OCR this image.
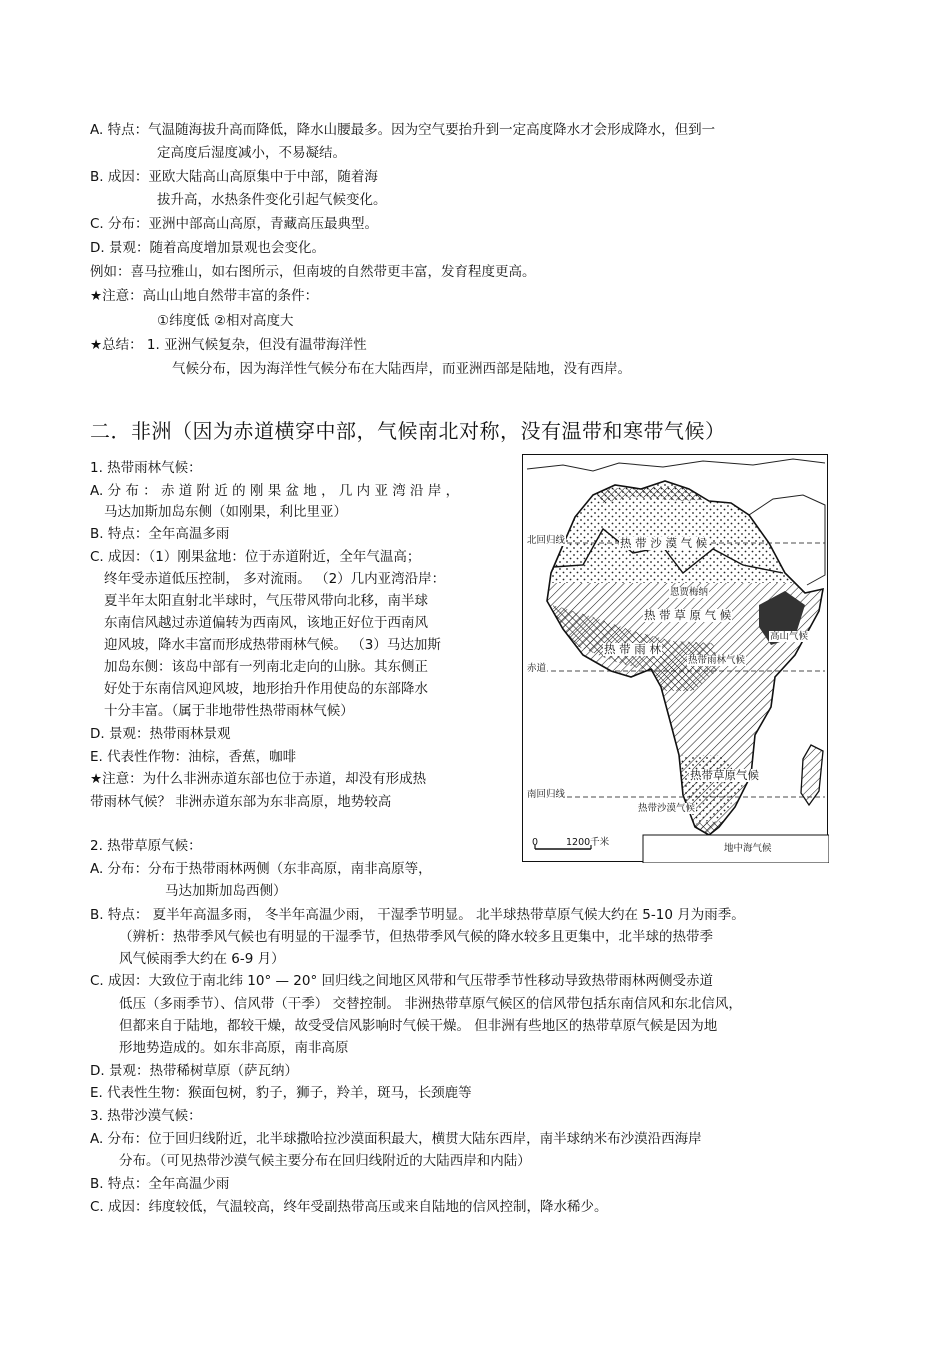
A. 特点：气温随海拔升高而降低，降水山腰最多。因为空气要抬升到一定高度降水才会形成降水，但到一
定高度后湿度减小，不易凝结。
B. 成因：亚欧大陆高山高原集中于中部，随着海
拔升高，水热条件变化引起气候变化。
C. 分布：亚洲中部高山高原，青藏高压最典型。
D. 景观：随着高度增加景观也会变化。
例如：喜马拉雅山，如右图所示，但南坡的自然带更丰富，发育程度更高。
★注意：高山山地自然带丰富的条件：
①纬度低 ②相对高度大
★总结： 1. 亚洲气候复杂，但没有温带海洋性
气候分布，因为海洋性气候分布在大陆西岸，而亚洲西部是陆地，没有西岸。
二．非洲（因为赤道横穿中部，气候南北对称，没有温带和寒带气候）
1. 热带雨林气候：
A. 分 布 ： 赤 道 附 近 的 刚 果 盆 地 ， 几 内 亚 湾 沿 岸 ，
马达加斯加岛东侧（如刚果，利比里亚）
B. 特点：全年高温多雨
C. 成因：（1）刚果盆地：位于赤道附近，全年气温高；
终年受赤道低压控制， 多对流雨。 （2）几内亚湾沿岸：
夏半年太阳直射北半球时，气压带风带向北移，南半球
东南信风越过赤道偏转为西南风，该地正好位于西南风
迎风坡，降水丰富而形成热带雨林气候。 （3）马达加斯
加岛东侧：该岛中部有一列南北走向的山脉。其东侧正
好处于东南信风迎风坡，地形抬升作用使岛的东部降水
十分丰富。（属于非地带性热带雨林气候）
D. 景观：热带雨林景观
E. 代表性作物：油棕，香蕉，咖啡
★注意：为什么非洲赤道东部也位于赤道，却没有形成热
带雨林气候？ 非洲赤道东部为东非高原，地势较高
2. 热带草原气候：
A. 分布：分布于热带雨林两侧（东非高原，南非高原等，
马达加斯加岛西侧）
B. 特点： 夏半年高温多雨， 冬半年高温少雨， 干湿季节明显。 北半球热带草原气候大约在 5-10 月为雨季。
（辨析：热带季风气候也有明显的干湿季节，但热带季风气候的降水较多且更集中，北半球的热带季
风气候雨季大约在 6-9 月）
C. 成因：大致位于南北纬 10° — 20° 回归线之间地区风带和气压带季节性移动导致热带雨林两侧受赤道
低压（多雨季节）、信风带（干季） 交替控制。 非洲热带草原气候区的信风带包括东南信风和东北信风，
但都来自于陆地，都较干燥，故受受信风影响时气候干燥。 但非洲有些地区的热带草原气候是因为地
形地势造成的。如东非高原，南非高原
D. 景观：热带稀树草原（萨瓦纳）
E. 代表性生物：猴面包树，豹子，狮子，羚羊，斑马，长颈鹿等
3. 热带沙漠气候：
A. 分布：位于回归线附近，北半球撒哈拉沙漠面积最大，横贯大陆东西岸，南半球纳米布沙漠沿西海岸
分布。（可见热带沙漠气候主要分布在回归线附近的大陆西岸和内陆）
B. 特点：全年高温少雨
C. 成因：纬度较低，气温较高，终年受副热带高压或来自陆地的信风控制，降水稀少。
北回归线
赤道
南回归线
热 带 沙 漠 气 候
恩贾梅纳
热 带 草 原 气 候
热 带 雨 林
热带雨林气候
高山气候
热带草原气候
热带沙漠气候
地中海气候
0	1200千米
